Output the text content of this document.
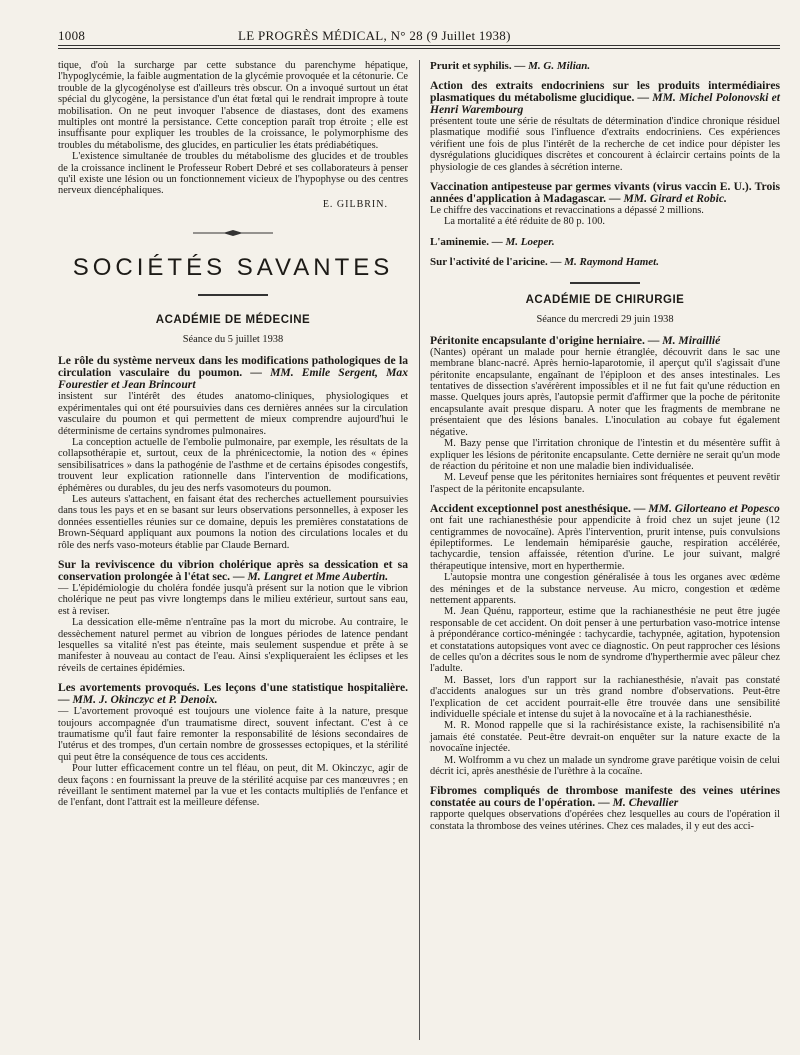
1008	LE PROGRÈS MÉDICAL, N° 28 (9 Juillet 1938)

tique, d'où la surcharge par cette substance du parenchyme hépatique, l'hypoglycémie, la faible augmentation de la glycémie provoquée et la cétonurie. Ce trouble de la glycogénolyse est d'ailleurs très obscur. On a invoqué surtout un état spécial du glycogène, la persistance d'un état fœtal qui le rendrait impropre à toute mobilisation. On ne peut invoquer l'absence de diastases, dont des examens multiples ont montré la persistance. Cette conception paraît trop étroite ; elle est insuffisante pour expliquer les troubles de la croissance, le polymorphisme des troubles du métabolisme, des glucides, en particulier les états prédiabétiques.

L'existence simultanée de troubles du métabolisme des glucides et de troubles de la croissance inclinent le Professeur Robert Debré et ses collaborateurs à penser qu'il existe une lésion ou un fonctionnement vicieux de l'hypophyse ou des centres nerveux diencéphaliques.

E. GILBRIN.

SOCIÉTÉS SAVANTES
ACADÉMIE DE MÉDECINE
Séance du 5 juillet 1938

Le rôle du système nerveux dans les modifications pathologiques de la circulation vasculaire du poumon. — MM. Emile Sergent, Max Fourestier et Jean Brincourt

insistent sur l'intérêt des études anatomo-cliniques, physiologiques et expérimentales qui ont été poursuivies dans ces dernières années sur la circulation vasculaire du poumon et qui permettent de mieux comprendre aujourd'hui le déterminisme de certains syndromes pulmonaires.

La conception actuelle de l'embolie pulmonaire, par exemple, les résultats de la collapsothérapie et, surtout, ceux de la phrénicectomie, la notion des « épines sensibilisatrices » dans la pathogénie de l'asthme et de certains épisodes congestifs, trouvent leur explication rationnelle dans l'intervention de modifications, éphémères ou durables, du jeu des nerfs vasomoteurs du poumon.

Les auteurs s'attachent, en faisant état des recherches actuellement poursuivies dans tous les pays et en se basant sur leurs observations personnelles, à exposer les données essentielles réunies sur ce domaine, depuis les premières constatations de Brown-Séquard appliquant aux poumons la notion des circulations locales et du rôle des nerfs vaso-moteurs établie par Claude Bernard.

Sur la reviviscence du vibrion cholérique après sa dessication et sa conservation prolongée à l'état sec. — M. Langret et Mme Aubertin.

— L'épidémiologie du choléra fondée jusqu'à présent sur la notion que le vibrion cholérique ne peut pas vivre longtemps dans le milieu extérieur, surtout sans eau, est à reviser.

La dessication elle-même n'entraîne pas la mort du microbe. Au contraire, le dessèchement naturel permet au vibrion de longues périodes de latence pendant lesquelles sa vitalité n'est pas éteinte, mais seulement suspendue et prête à se manifester à nouveau au contact de l'eau. Ainsi s'expliqueraient les éclipses et les réveils de certaines épidémies.

Les avortements provoqués. Les leçons d'une statistique hospitalière. — MM. J. Okinczyc et P. Denoix.

— L'avortement provoqué est toujours une violence faite à la nature, presque toujours accompagnée d'un traumatisme direct, souvent infectant. C'est à ce traumatisme qu'il faut faire remonter la responsabilité de lésions secondaires de l'utérus et des trompes, d'un certain nombre de grossesses ectopiques, et la stérilité qui peut être la conséquence de tous ces accidents.

Pour lutter efficacement contre un tel fléau, on peut, dit M. Okinczyc, agir de deux façons : en fournissant la preuve de la stérilité acquise par ces manœuvres ; en réveillant le sentiment maternel par la vue et les contacts multipliés de l'enfance et de l'enfant, dont l'attrait est la meilleure défense.

Prurit et syphilis. — M. G. Milian.

Action des extraits endocriniens sur les produits intermédiaires plasmatiques du métabolisme glucidique. — MM. Michel Polonovski et Henri Warembourg

présentent toute une série de résultats de détermination d'indice chronique résiduel plasmatique modifié sous l'influence d'extraits endocriniens. Ces expériences vérifient une fois de plus l'intérêt de la recherche de cet indice pour dépister les dysrégulations glucidiques discrètes et concourent à éclaircir certains points de la physiologie de ces glandes à sécrétion interne.

Vaccination antipesteuse par germes vivants (virus vaccin E. U.). Trois années d'application à Madagascar. — MM. Girard et Robic.

Le chiffre des vaccinations et revaccinations a dépassé 2 millions.

La mortalité a été réduite de 80 p. 100.

L'aminemie. — M. Loeper.

Sur l'activité de l'aricine. — M. Raymond Hamet.

ACADÉMIE DE CHIRURGIE
Séance du mercredi 29 juin 1938

Péritonite encapsulante d'origine herniaire. — M. Miraillié

(Nantes) opérant un malade pour hernie étranglée, découvrit dans le sac une membrane blanc-nacré. Après hernio-laparotomie, il aperçut qu'il s'agissait d'une péritonite encapsulante, engaînant de l'épiploon et des anses intestinales. Les tentatives de dissection s'avérèrent impossibles et il ne fut fait qu'une réduction en masse. Quelques jours après, l'autopsie permit d'affirmer que la poche de péritonite encapsulante avait presque disparu. A noter que les fragments de membrane ne présentaient que des lésions banales. L'inoculation au cobaye fut également négative.

M. Bazy pense que l'irritation chronique de l'intestin et du mésentère suffit à expliquer les lésions de péritonite encapsulante. Cette dernière ne serait qu'un mode de réaction du péritoine et non une maladie bien individualisée.

M. Leveuf pense que les péritonites herniaires sont fréquentes et peuvent revêtir l'aspect de la péritonite encapsulante.

Accident exceptionnel post anesthésique. — MM. Gilorteano et Popesco

ont fait une rachianesthésie pour appendicite à froid chez un sujet jeune (12 centigrammes de novocaïne). Après l'intervention, prurit intense, puis convulsions épileptiformes. Le lendemain hémiparésie gauche, respiration accélérée, tachycardie, tension affaissée, rétention d'urine. Le jour suivant, malgré thérapeutique intensive, mort en hyperthermie.

L'autopsie montra une congestion généralisée à tous les organes avec œdème des méninges et de la substance nerveuse. Au micro, congestion et œdème nettement apparents.

M. Jean Quénu, rapporteur, estime que la rachianesthésie ne peut être jugée responsable de cet accident. On doit penser à une perturbation vaso-motrice intense à prépondérance cortico-méningée : tachycardie, tachypnée, agitation, hypotension et constatations autopsiques vont avec ce diagnostic. On peut rapprocher ces lésions de celles qu'on a décrites sous le nom de syndrome d'hyperthermie avec pâleur chez l'adulte.

M. Basset, lors d'un rapport sur la rachianesthésie, n'avait pas constaté d'accidents analogues sur un très grand nombre d'observations. Peut-être l'explication de cet accident pourrait-elle être trouvée dans une sensibilité individuelle spéciale et intense du sujet à la novocaïne et à la rachianesthésie.

M. R. Monod rappelle que si la rachirésistance existe, la rachisensibilité n'a jamais été constatée. Peut-être devrait-on enquêter sur la nature exacte de la novocaïne injectée.

M. Wolfromm a vu chez un malade un syndrome grave parétique voisin de celui décrit ici, après anesthésie de l'urèthre à la cocaïne.

Fibromes compliqués de thrombose manifeste des veines utérines constatée au cours de l'opération. — M. Chevallier

rapporte quelques observations d'opérées chez lesquelles au cours de l'opération il constata la thrombose des veines utérines. Chez ces malades, il y eut des acci-
